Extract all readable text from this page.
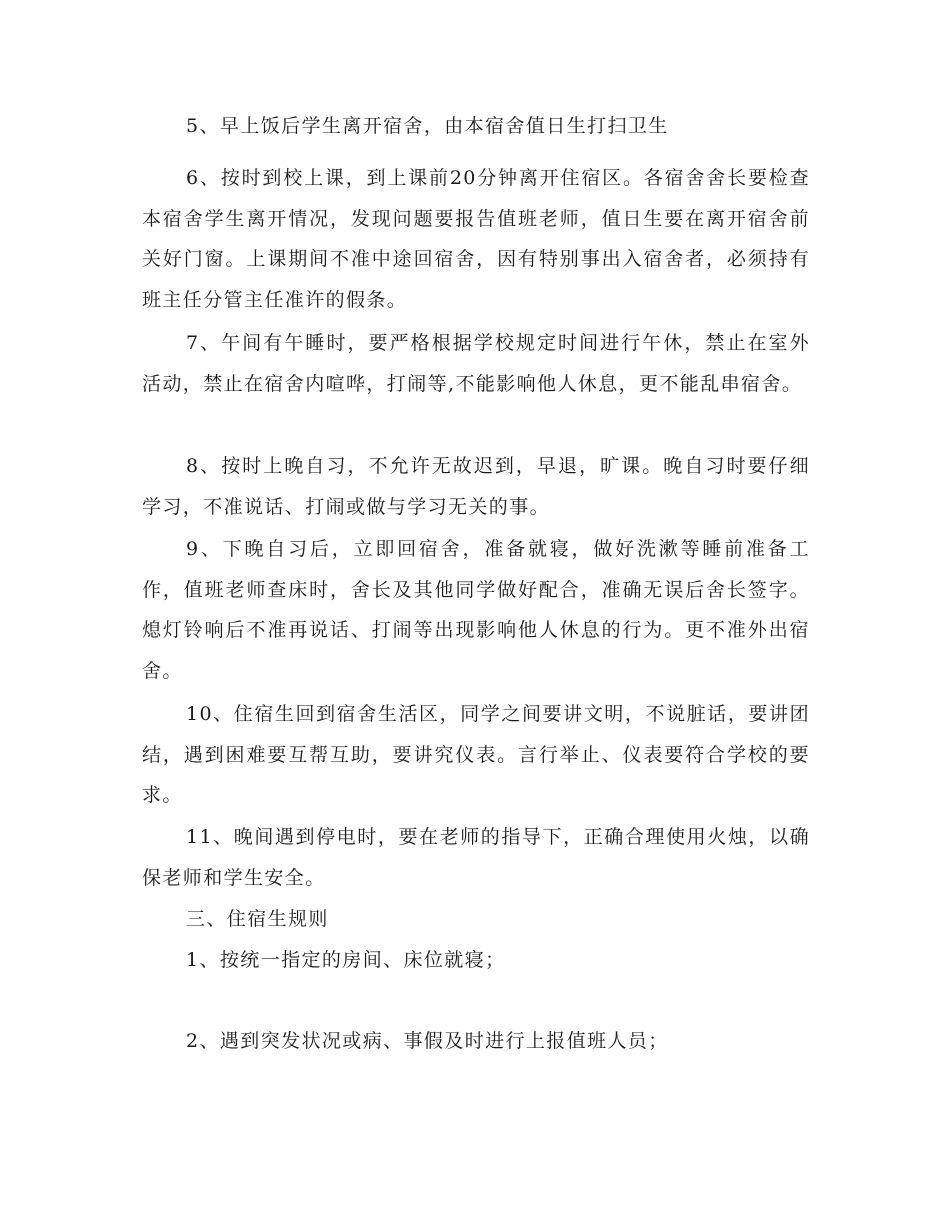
5、早上饭后学生离开宿舍，由本宿舍值日生打扫卫生

6、按时到校上课，到上课前20分钟离开住宿区。各宿舍舍长要检查本宿舍学生离开情况，发现问题要报告值班老师，值日生要在离开宿舍前关好门窗。上课期间不准中途回宿舍，因有特别事出入宿舍者，必须持有班主任分管主任准许的假条。

7、午间有午睡时，要严格根据学校规定时间进行午休，禁止在室外活动，禁止在宿舍内喧哗，打闹等,不能影响他人休息，更不能乱串宿舍。

8、按时上晚自习，不允许无故迟到，早退，旷课。晚自习时要仔细学习，不准说话、打闹或做与学习无关的事。

9、下晚自习后，立即回宿舍，准备就寝，做好洗漱等睡前准备工作，值班老师查床时，舍长及其他同学做好配合，准确无误后舍长签字。熄灯铃响后不准再说话、打闹等出现影响他人休息的行为。更不准外出宿舍。

10、住宿生回到宿舍生活区，同学之间要讲文明，不说脏话，要讲团结，遇到困难要互帮互助，要讲究仪表。言行举止、仪表要符合学校的要求。

11、晚间遇到停电时，要在老师的指导下，正确合理使用火烛，以确保老师和学生安全。

三、住宿生规则

1、按统一指定的房间、床位就寝；

2、遇到突发状况或病、事假及时进行上报值班人员；
